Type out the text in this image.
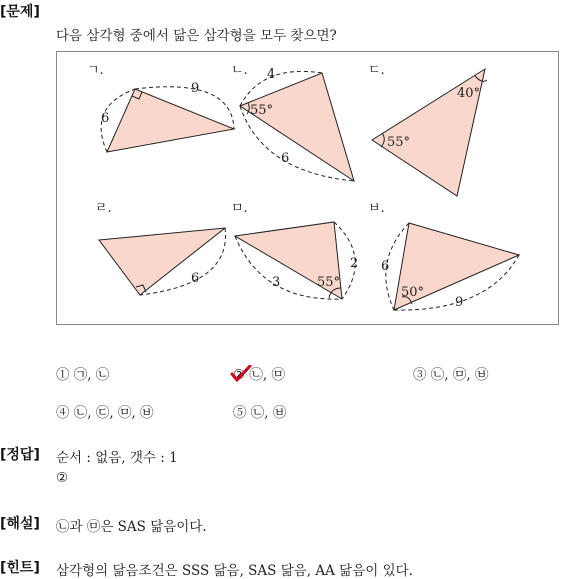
[문제]
다음 삼각형 중에서 닮은 삼각형을 모두 찾으면?
ㄱ.
6
9
ㄴ. 4
55°
6
ㄷ.
40°
55°
ㄹ.
6
ㅁ.
2
3	55°
ㅂ.
6
50°
9
① ㉠, ㉡	② ㉡, ㉤	③ ㉡, ㉤, ㉥
④ ㉡, ㉢, ㉤, ㉥	⑤ ㉡, ㉥
[정답] 순서 : 없음, 갯수 : 1
②
[해설] ㉡과 ㉤은 SAS 닮음이다.
[힌트] 삼각형의 닮음조건은 SSS 닮음, SAS 닮음, AA 닮음이 있다.
